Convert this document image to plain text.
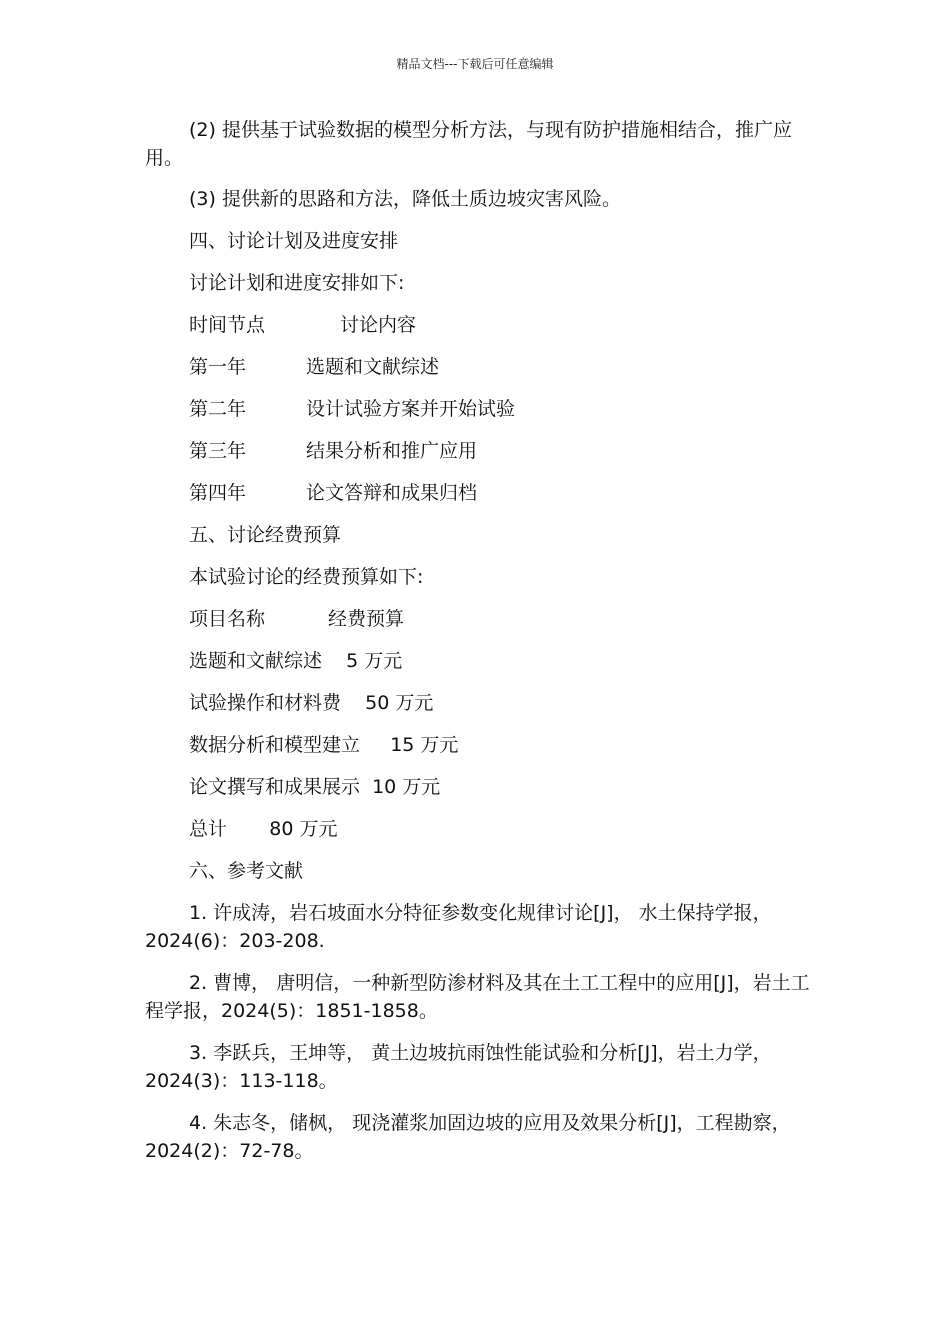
精品文档---下载后可任意编辑

(2) 提供基于试验数据的模型分析方法，与现有防护措施相结合，推广应用。

(3) 提供新的思路和方法，降低土质边坡灾害风险。

四、讨论计划及进度安排

讨论计划和进度安排如下:

时间节点	讨论内容
第一年	选题和文献综述
第二年	设计试验方案并开始试验
第三年	结果分析和推广应用
第四年	论文答辩和成果归档

五、讨论经费预算

本试验讨论的经费预算如下:

项目名称	经费预算

选题和文献综述    5 万元

试验操作和材料费    50 万元

数据分析和模型建立     15 万元

论文撰写和成果展示  10 万元

总计       80 万元

六、参考文献

1. 许成涛，岩石坡面水分特征参数变化规律讨论[J]， 水土保持学报，2024(6)：203-208.

2. 曹博， 唐明信，一种新型防渗材料及其在土工工程中的应用[J]，岩土工程学报，2024(5)：1851-1858。

3. 李跃兵，王坤等， 黄土边坡抗雨蚀性能试验和分析[J]，岩土力学，2024(3)：113-118。

4. 朱志冬，储枫， 现浇灌浆加固边坡的应用及效果分析[J]，工程勘察，2024(2)：72-78。
